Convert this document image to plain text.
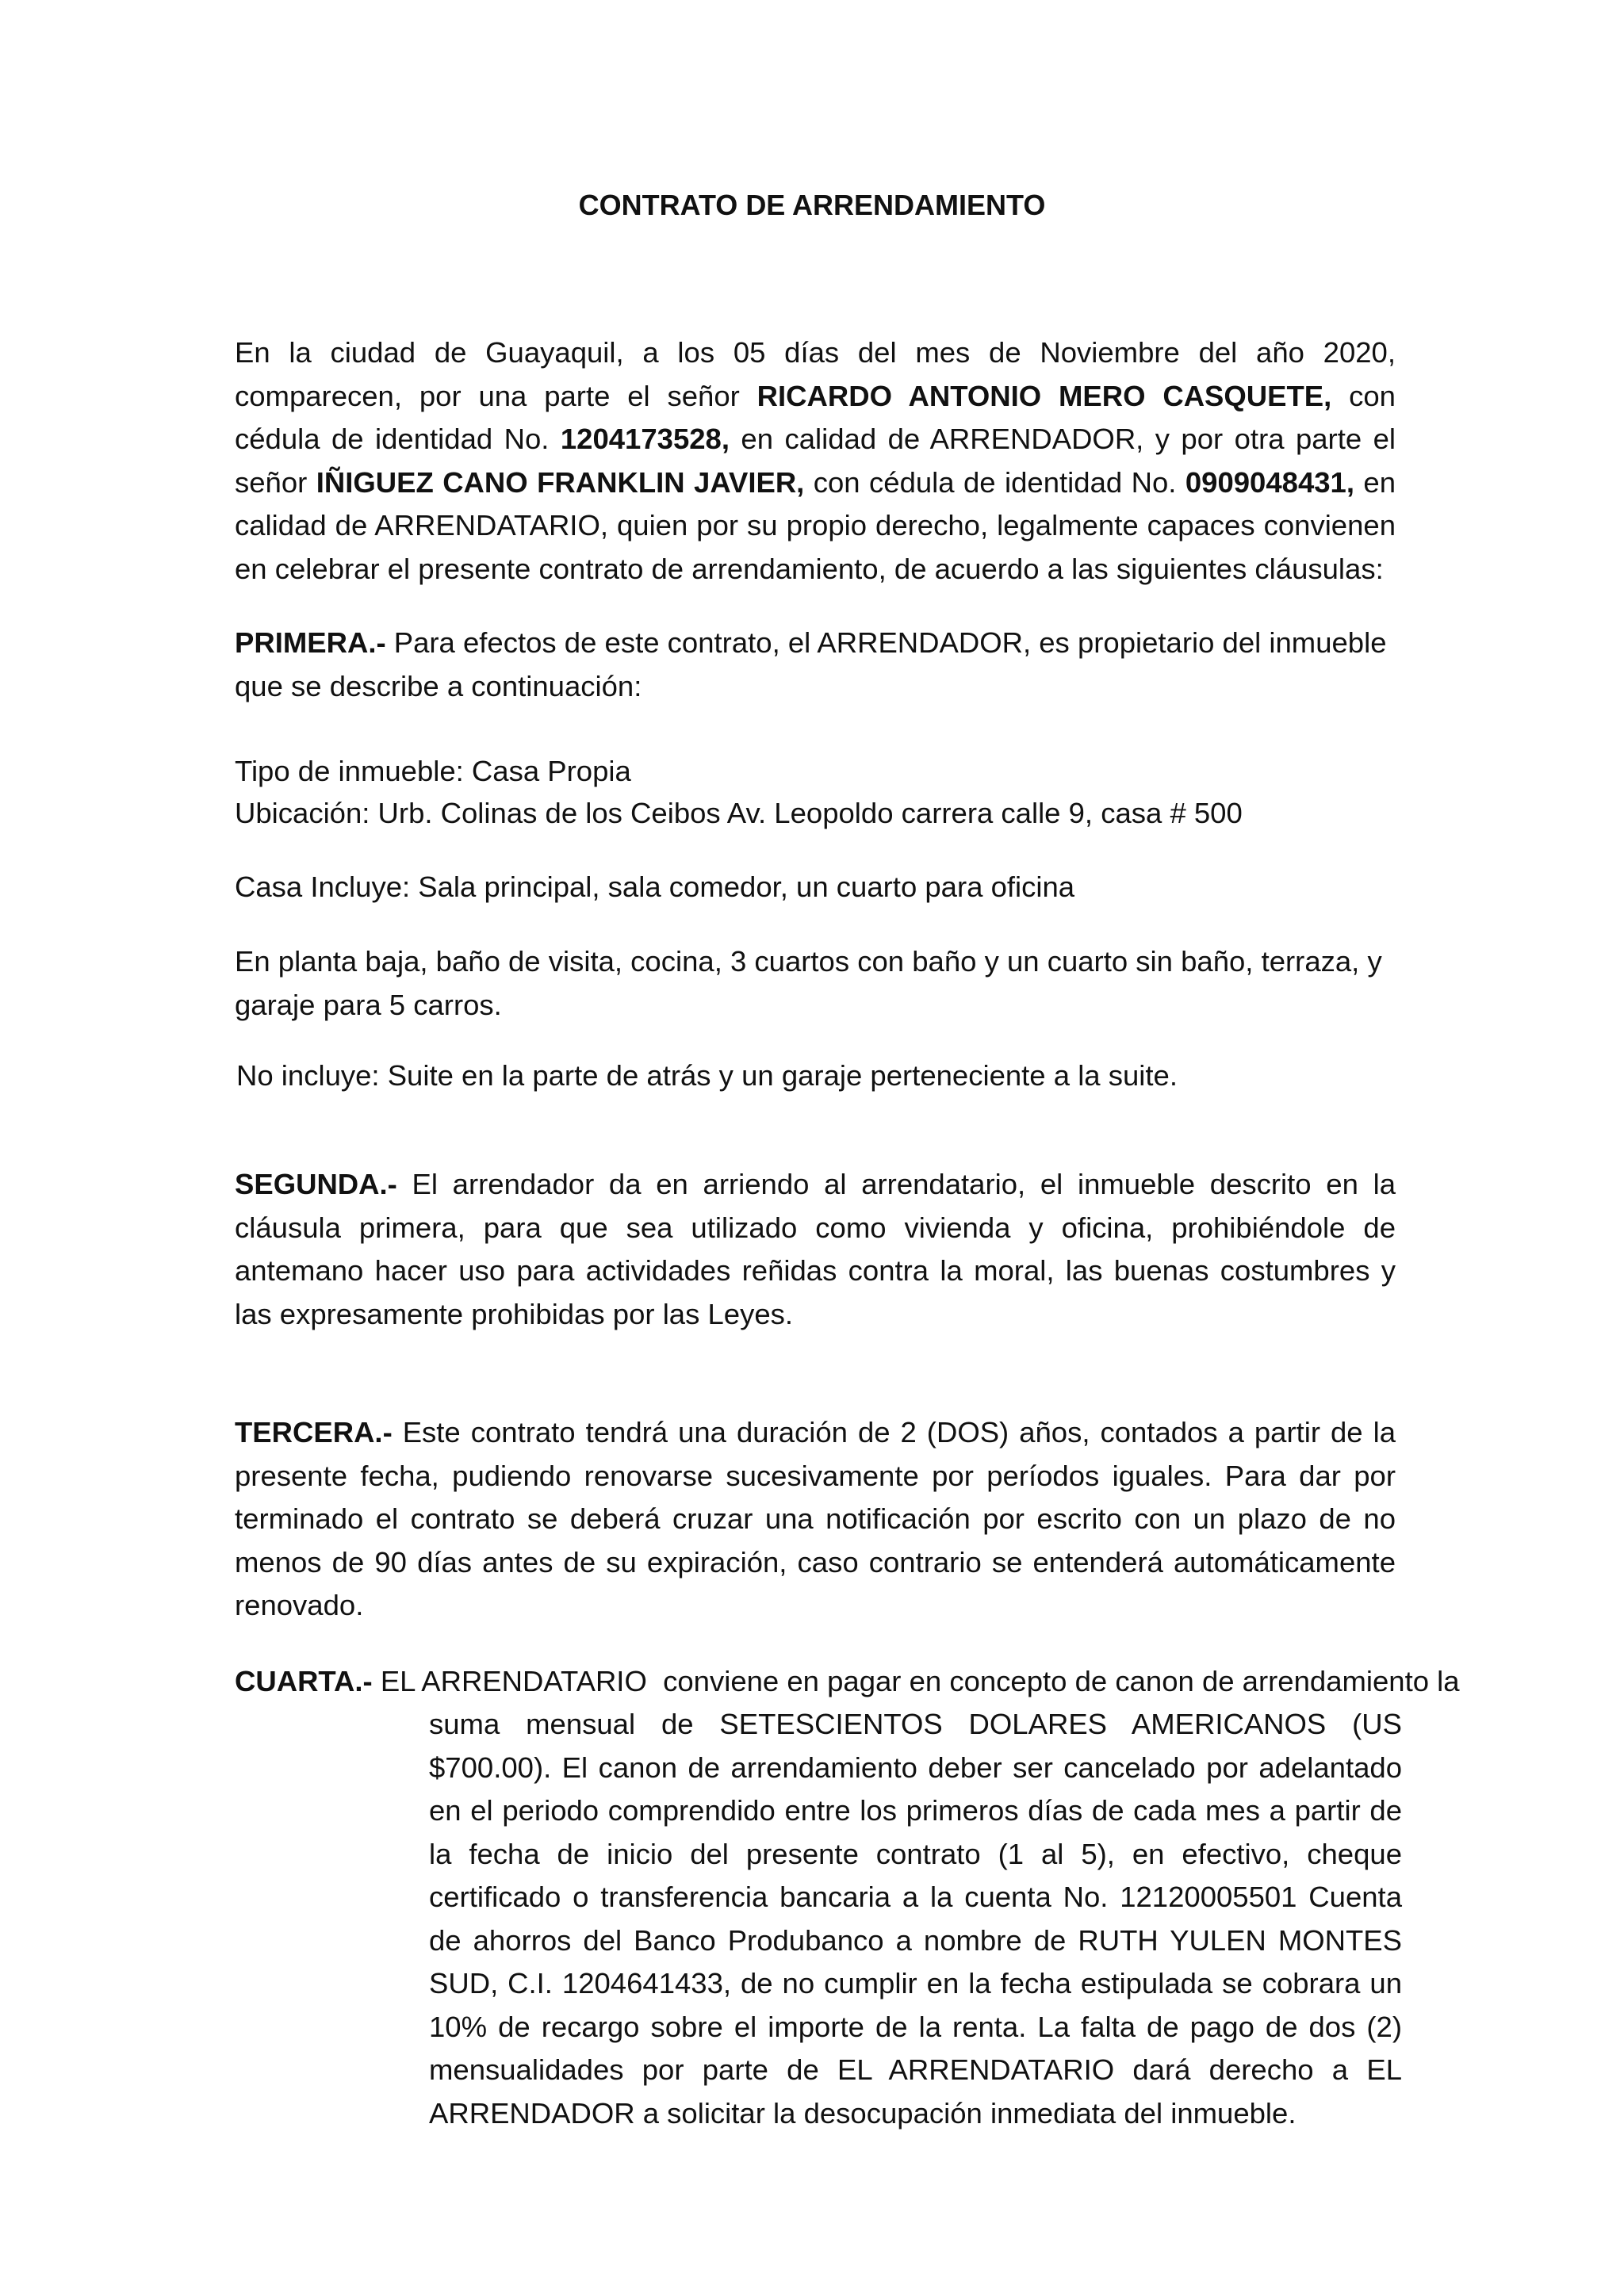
CONTRATO DE ARRENDAMIENTO

En la ciudad de Guayaquil, a los 05 días del mes de Noviembre del año 2020, comparecen, por una parte el señor RICARDO ANTONIO MERO CASQUETE, con cédula de identidad No. 1204173528, en calidad de ARRENDADOR, y por otra parte el señor IÑIGUEZ CANO FRANKLIN JAVIER, con cédula de identidad No. 0909048431, en calidad de ARRENDATARIO, quien por su propio derecho, legalmente capaces convienen en celebrar el presente contrato de arrendamiento, de acuerdo a las siguientes cláusulas:

PRIMERA.- Para efectos de este contrato, el ARRENDADOR, es propietario del inmueble que se describe a continuación:

Tipo de inmueble: Casa Propia

Ubicación: Urb. Colinas de los Ceibos Av. Leopoldo carrera calle 9, casa # 500

Casa Incluye: Sala principal, sala comedor, un cuarto para oficina

En planta baja, baño de visita, cocina, 3 cuartos con baño y un cuarto sin baño, terraza, y garaje para 5 carros.

No incluye: Suite en la parte de atrás y un garaje perteneciente a la suite.

SEGUNDA.- El arrendador da en arriendo al arrendatario, el inmueble descrito en la cláusula primera, para que sea utilizado como vivienda y oficina, prohibiéndole de antemano hacer uso para actividades reñidas contra la moral, las buenas costumbres y las expresamente prohibidas por las Leyes.

TERCERA.- Este contrato tendrá una duración de 2 (DOS) años, contados a partir de la presente fecha, pudiendo renovarse sucesivamente por períodos iguales. Para dar por terminado el contrato se deberá cruzar una notificación por escrito con un plazo de no menos de 90 días antes de su expiración, caso contrario se entenderá automáticamente renovado.

CUARTA.- EL ARRENDATARIO  conviene en pagar en concepto de canon de arrendamiento la

suma mensual de SETESCIENTOS DOLARES AMERICANOS (US $700.00). El canon de arrendamiento deber ser cancelado por adelantado en el periodo comprendido entre los primeros días de cada mes a partir de la fecha de inicio del presente contrato (1 al 5), en efectivo, cheque certificado o transferencia bancaria a la cuenta No. 12120005501 Cuenta de ahorros del Banco Produbanco a nombre de RUTH YULEN MONTES SUD, C.I. 1204641433, de no cumplir en la fecha estipulada se cobrara un 10% de recargo sobre el importe de la renta. La falta de pago de dos (2) mensualidades por parte de EL ARRENDATARIO dará derecho a EL ARRENDADOR a solicitar la desocupación inmediata del inmueble.
